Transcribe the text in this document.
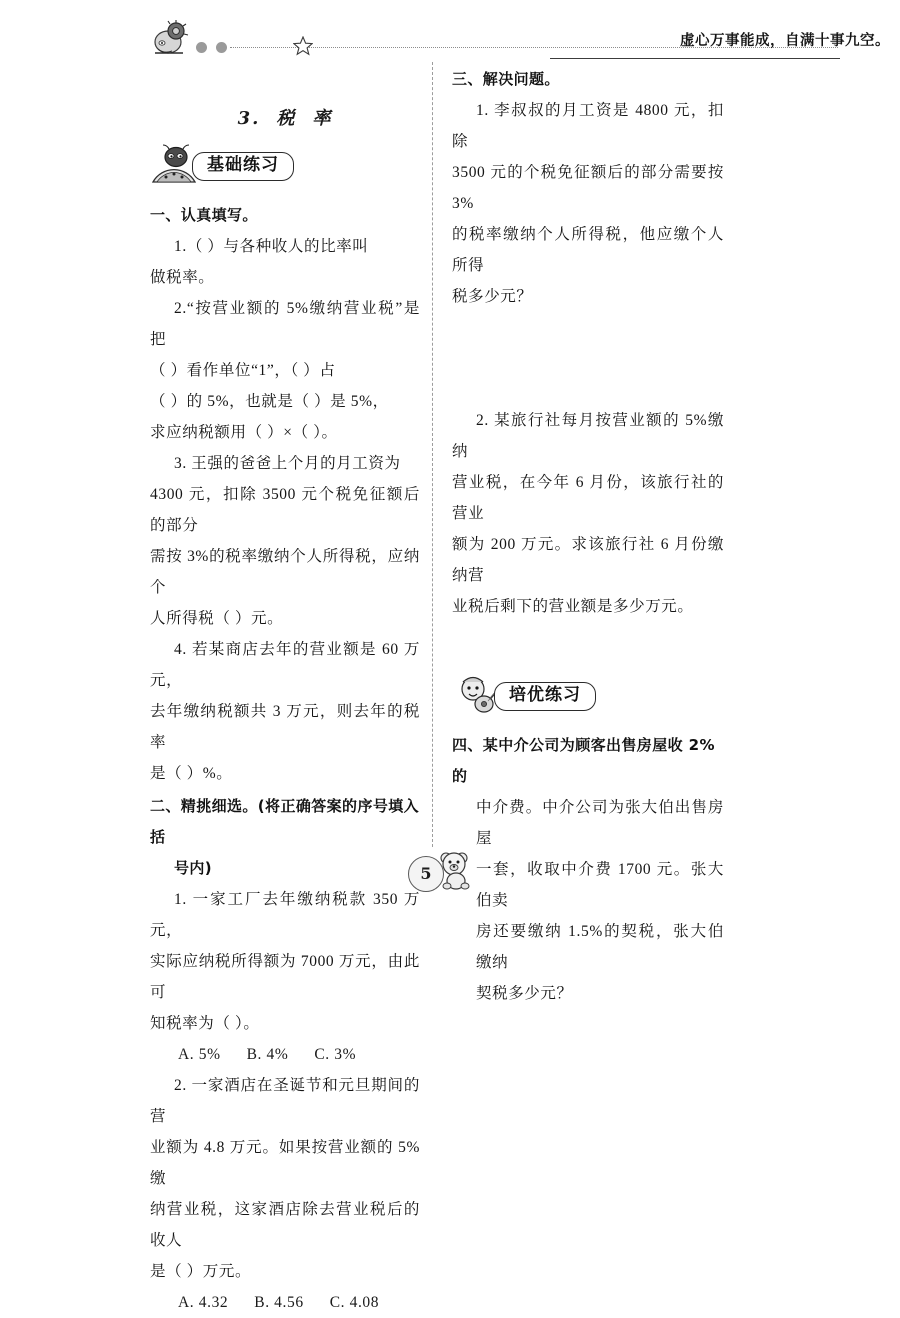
虚心万事能成，自满十事九空。
3. 税 率
基础练习
一、认真填写。

1.（ ）与各种收人的比率叫

做税率。

2.“按营业额的 5%缴纳营业税”是把

（ ）看作单位“1”，（ ）占

（ ）的 5%，也就是（ ）是 5%，

求应纳税额用（ ）×（ ）。

3. 王强的爸爸上个月的月工资为

4300 元，扣除 3500 元个税免征额后的部分

需按 3%的税率缴纳个人所得税，应纳个

人所得税（ ）元。

4. 若某商店去年的营业额是 60 万元，

去年缴纳税额共 3 万元，则去年的税率

是（ ）%。

二、精挑细选。(将正确答案的序号填入括
号内)

1. 一家工厂去年缴纳税款 350 万元，

实际应纳税所得额为 7000 万元，由此可

知税率为（ ）。

A. 5% B. 4% C. 3%

2. 一家酒店在圣诞节和元旦期间的营

业额为 4.8 万元。如果按营业额的 5%缴

纳营业税，这家酒店除去营业税后的收人

是（ ）万元。

A. 4.32 B. 4.56 C. 4.08

三、解决问题。

1. 李叔叔的月工资是 4800 元，扣除

3500 元的个税免征额后的部分需要按 3%

的税率缴纳个人所得税，他应缴个人所得

税多少元？

2. 某旅行社每月按营业额的 5%缴纳

营业税，在今年 6 月份，该旅行社的营业

额为 200 万元。求该旅行社 6 月份缴纳营

业税后剩下的营业额是多少万元。

培优练习
四、某中介公司为顾客出售房屋收 2%的

中介费。中介公司为张大伯出售房屋

一套，收取中介费 1700 元。张大伯卖

房还要缴纳 1.5%的契税，张大伯缴纳

契税多少元？

5
